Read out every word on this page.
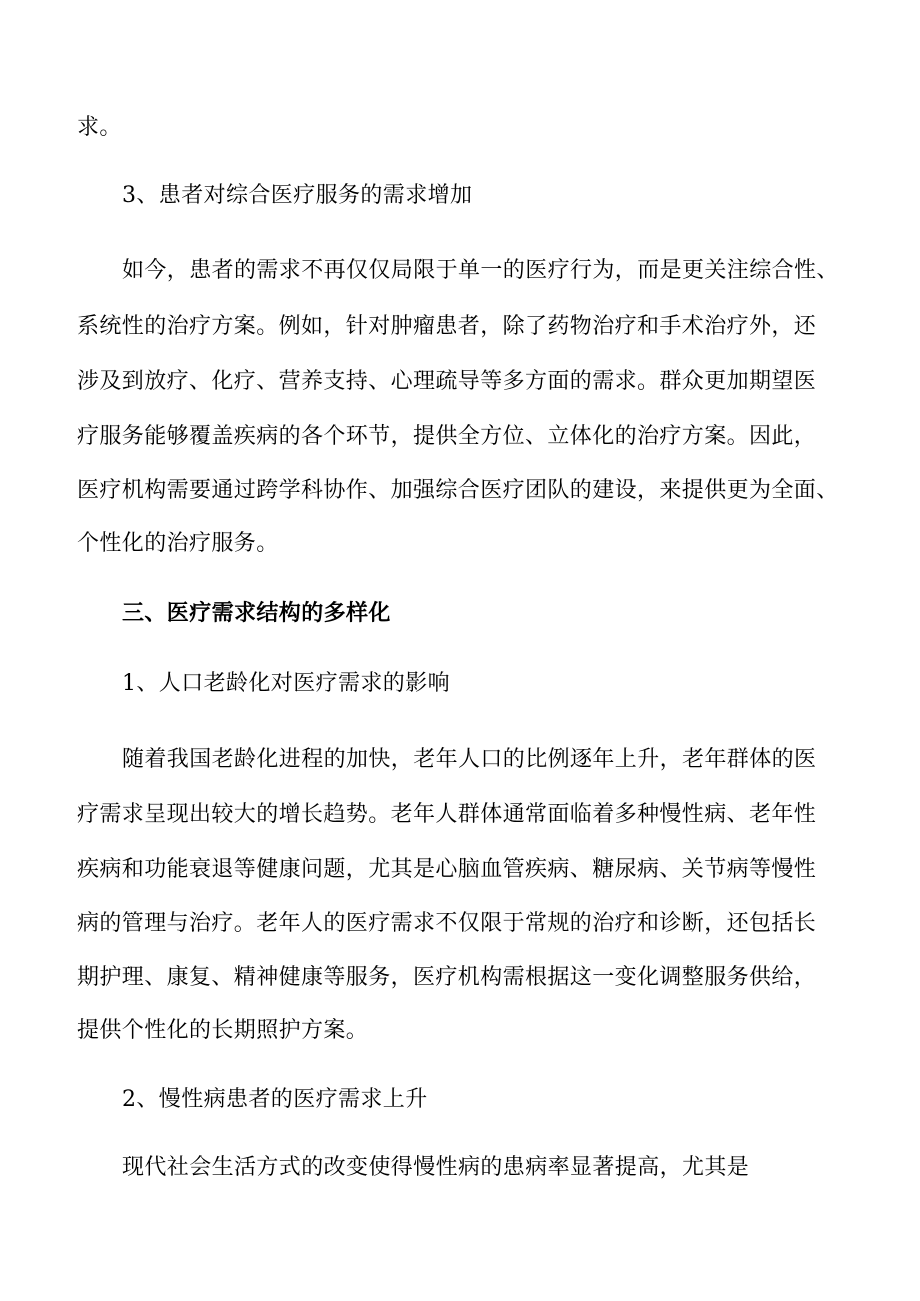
求。
3、患者对综合医疗服务的需求增加
如今，患者的需求不再仅仅局限于单一的医疗行为，而是更关注综合性、
系统性的治疗方案。例如，针对肿瘤患者，除了药物治疗和手术治疗外，还
涉及到放疗、化疗、营养支持、心理疏导等多方面的需求。群众更加期望医
疗服务能够覆盖疾病的各个环节，提供全方位、立体化的治疗方案。因此，
医疗机构需要通过跨学科协作、加强综合医疗团队的建设，来提供更为全面、
个性化的治疗服务。
三、医疗需求结构的多样化
1、人口老龄化对医疗需求的影响
随着我国老龄化进程的加快，老年人口的比例逐年上升，老年群体的医
疗需求呈现出较大的增长趋势。老年人群体通常面临着多种慢性病、老年性
疾病和功能衰退等健康问题，尤其是心脑血管疾病、糖尿病、关节病等慢性
病的管理与治疗。老年人的医疗需求不仅限于常规的治疗和诊断，还包括长
期护理、康复、精神健康等服务，医疗机构需根据这一变化调整服务供给，
提供个性化的长期照护方案。
2、慢性病患者的医疗需求上升
现代社会生活方式的改变使得慢性病的患病率显著提高，尤其是
